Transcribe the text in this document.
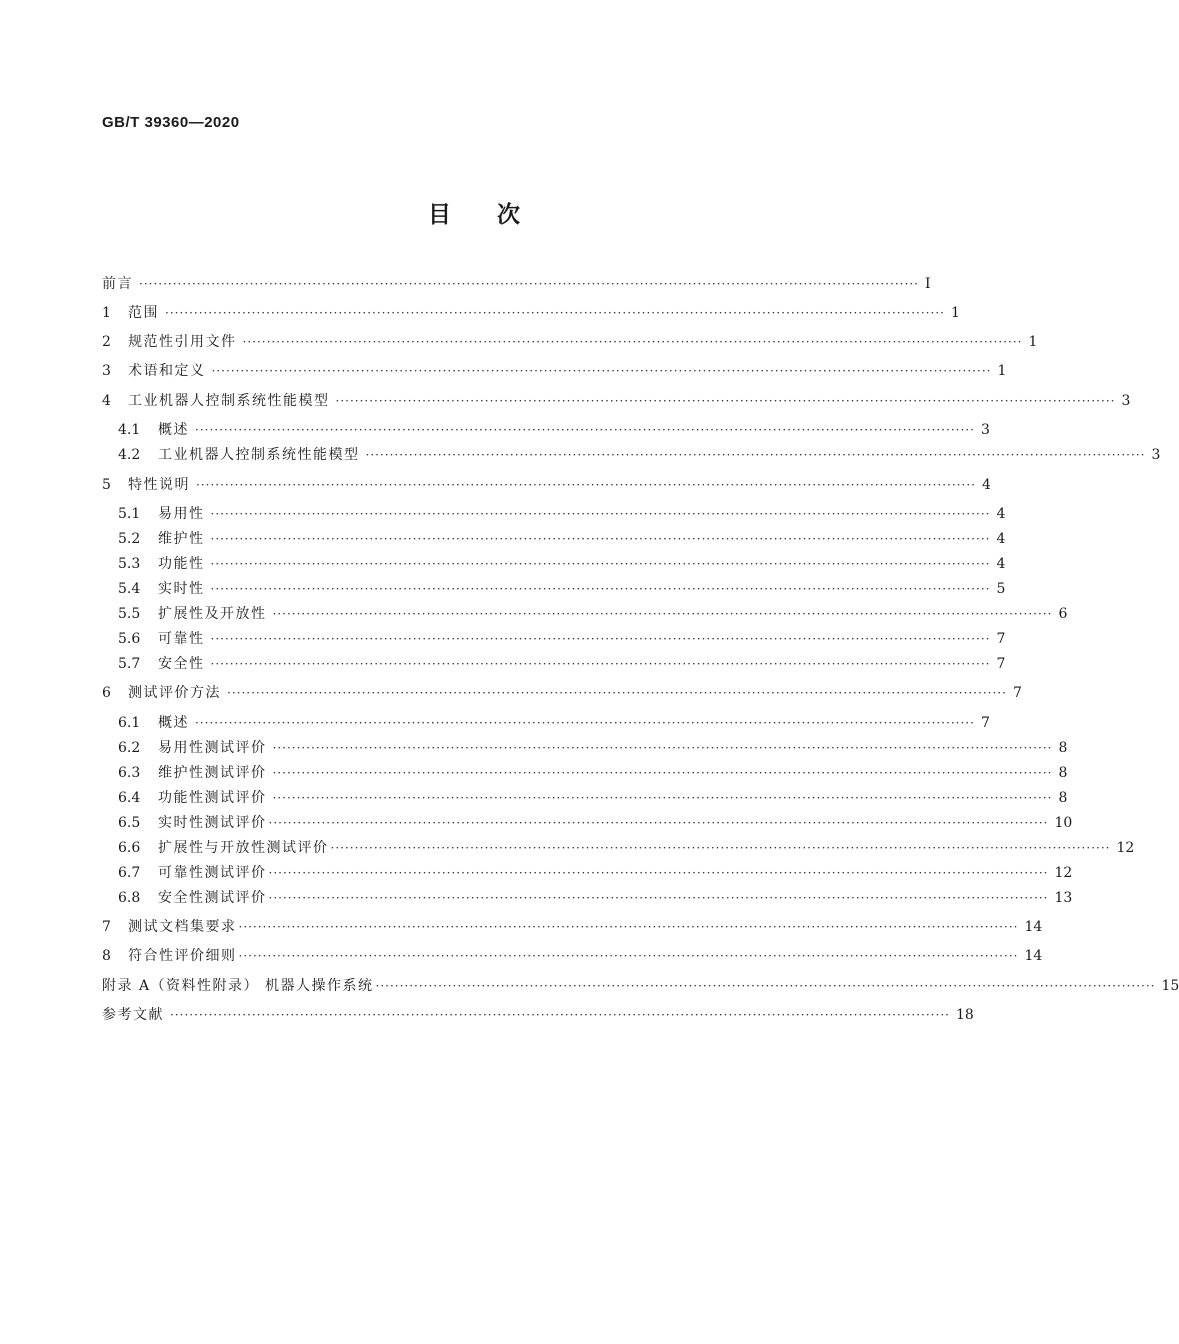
GB/T 39360—2020
目 次
前言 ·································································································································································· Ⅰ
1	范围 ·································································································································································· 1
2	规范性引用文件 ·································································································································································· 1
3	术语和定义 ·································································································································································· 1
4	工业机器人控制系统性能模型 ·································································································································································· 3
4.1	概述 ·································································································································································· 3
4.2	工业机器人控制系统性能模型 ·································································································································································· 3
5	特性说明 ·································································································································································· 4
5.1	易用性 ·································································································································································· 4
5.2	维护性 ·································································································································································· 4
5.3	功能性 ·································································································································································· 4
5.4	实时性 ·································································································································································· 5
5.5	扩展性及开放性 ·································································································································································· 6
5.6	可靠性 ·································································································································································· 7
5.7	安全性 ·································································································································································· 7
6	测试评价方法 ·································································································································································· 7
6.1	概述 ·································································································································································· 7
6.2	易用性测试评价 ·································································································································································· 8
6.3	维护性测试评价 ·································································································································································· 8
6.4	功能性测试评价 ·································································································································································· 8
6.5	实时性测试评价 ·································································································································································· 10
6.6	扩展性与开放性测试评价 ·································································································································································· 12
6.7	可靠性测试评价 ·································································································································································· 12
6.8	安全性测试评价 ·································································································································································· 13
7	测试文档集要求 ·································································································································································· 14
8	符合性评价细则 ·································································································································································· 14
附录 A（资料性附录） 机器人操作系统 ·································································································································································· 15
参考文献 ·································································································································································· 18
